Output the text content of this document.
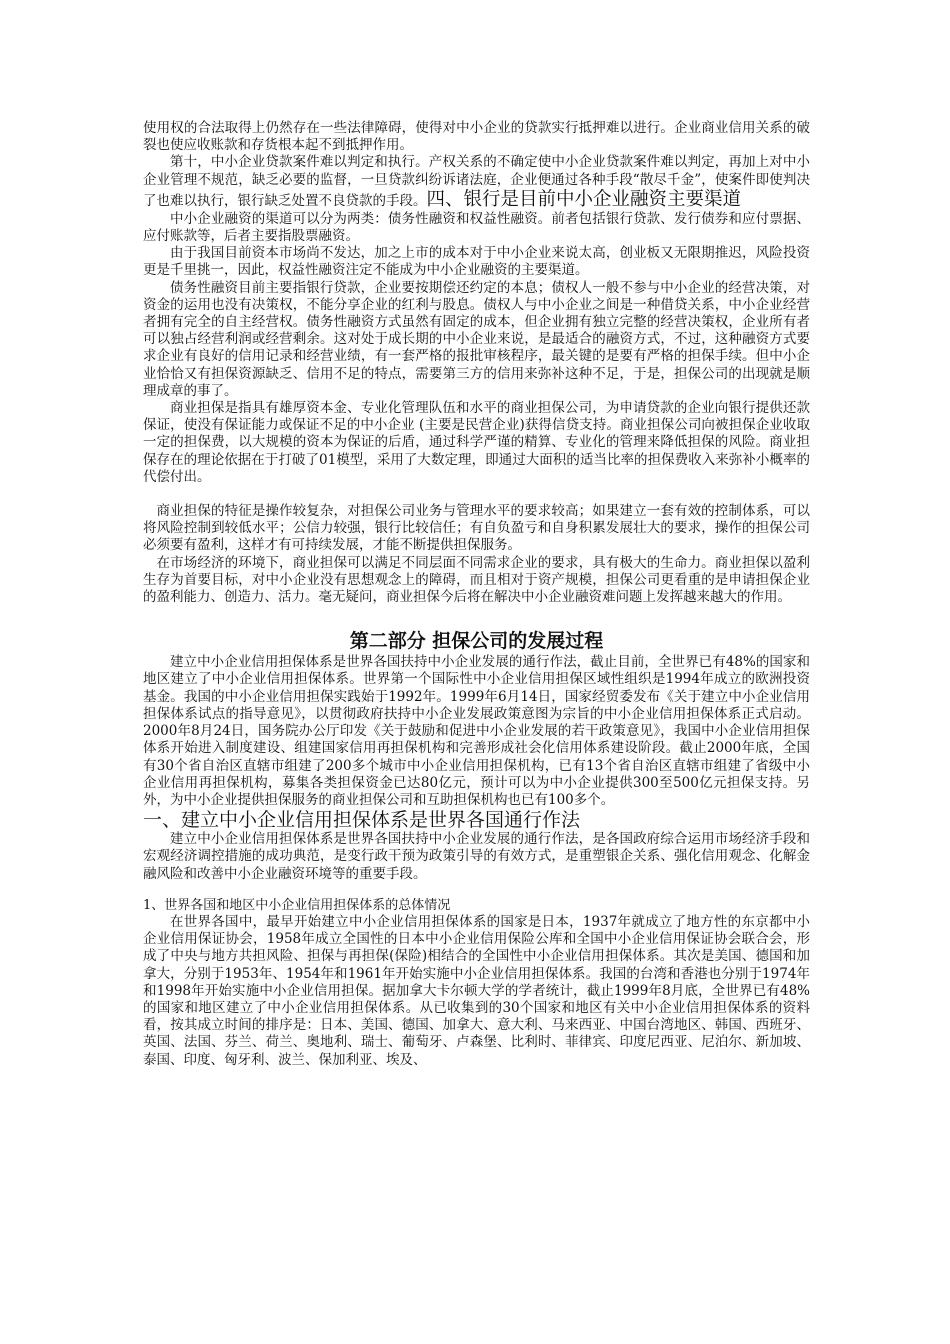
使用权的合法取得上仍然存在一些法律障碍，使得对中小企业的贷款实行抵押难以进行。企业商业信用关系的破裂也使应收账款和存货根本起不到抵押作用。

第十，中小企业贷款案件难以判定和执行。产权关系的不确定使中小企业贷款案件难以判定，再加上对中小企业管理不规范，缺乏必要的监督，一旦贷款纠纷诉诸法庭，企业便通过各种手段“散尽千金”，使案件即使判决了也难以执行，银行缺乏处置不良贷款的手段。四、银行是目前中小企业融资主要渠道

中小企业融资的渠道可以分为两类：债务性融资和权益性融资。前者包括银行贷款、发行债券和应付票据、应付账款等，后者主要指股票融资。

由于我国目前资本市场尚不发达，加之上市的成本对于中小企业来说太高，创业板又无限期推迟，风险投资更是千里挑一，因此，权益性融资注定不能成为中小企业融资的主要渠道。

债务性融资目前主要指银行贷款，企业要按期偿还约定的本息；债权人一般不参与中小企业的经营决策，对资金的运用也没有决策权，不能分享企业的红利与股息。债权人与中小企业之间是一种借贷关系，中小企业经营者拥有完全的自主经营权。债务性融资方式虽然有固定的成本，但企业拥有独立完整的经营决策权，企业所有者可以独占经营利润或经营剩余。这对处于成长期的中小企业来说，是最适合的融资方式，不过，这种融资方式要求企业有良好的信用记录和经营业绩，有一套严格的报批审核程序，最关键的是要有严格的担保手续。但中小企业恰恰又有担保资源缺乏、信用不足的特点，需要第三方的信用来弥补这种不足，于是，担保公司的出现就是顺理成章的事了。

商业担保是指具有雄厚资本金、专业化管理队伍和水平的商业担保公司，为申请贷款的企业向银行提供还款保证，使没有保证能力或保证不足的中小企业 (主要是民营企业)获得信贷支持。商业担保公司向被担保企业收取一定的担保费，以大规模的资本为保证的后盾，通过科学严谨的精算、专业化的管理来降低担保的风险。商业担保存在的理论依据在于打破了01模型，采用了大数定理，即通过大面积的适当比率的担保费收入来弥补小概率的代偿付出。

商业担保的特征是操作较复杂，对担保公司业务与管理水平的要求较高；如果建立一套有效的控制体系，可以将风险控制到较低水平；公信力较强，银行比较信任；有自负盈亏和自身积累发展壮大的要求，操作的担保公司必须要有盈利，这样才有可持续发展，才能不断提供担保服务。

在市场经济的环境下，商业担保可以满足不同层面不同需求企业的要求，具有极大的生命力。商业担保以盈利生存为首要目标，对中小企业没有思想观念上的障碍，而且相对于资产规模，担保公司更看重的是申请担保企业的盈利能力、创造力、活力。毫无疑问，商业担保今后将在解决中小企业融资难问题上发挥越来越大的作用。

第二部分 担保公司的发展过程

建立中小企业信用担保体系是世界各国扶持中小企业发展的通行作法，截止目前，全世界已有48%的国家和地区建立了中小企业信用担保体系。世界第一个国际性中小企业信用担保区域性组织是1994年成立的欧洲投资基金。我国的中小企业信用担保实践始于1992年。1999年6月14日，国家经贸委发布《关于建立中小企业信用担保体系试点的指导意见》，以贯彻政府扶持中小企业发展政策意图为宗旨的中小企业信用担保体系正式启动。2000年8月24日，国务院办公厅印发《关于鼓励和促进中小企业发展的若干政策意见》，我国中小企业信用担保体系开始进入制度建设、组建国家信用再担保机构和完善形成社会化信用体系建设阶段。截止2000年底，全国有30个省自治区直辖市组建了200多个城市中小企业信用担保机构，已有13个省自治区直辖市组建了省级中小企业信用再担保机构，募集各类担保资金已达80亿元，预计可以为中小企业提供300至500亿元担保支持。另外，为中小企业提供担保服务的商业担保公司和互助担保机构也已有100多个。

一、建立中小企业信用担保体系是世界各国通行作法

建立中小企业信用担保体系是世界各国扶持中小企业发展的通行作法，是各国政府综合运用市场经济手段和宏观经济调控措施的成功典范，是变行政干预为政策引导的有效方式，是重塑银企关系、强化信用观念、化解金融风险和改善中小企业融资环境等的重要手段。

1、世界各国和地区中小企业信用担保体系的总体情况

在世界各国中，最早开始建立中小企业信用担保体系的国家是日本，1937年就成立了地方性的东京都中小企业信用保证协会，1958年成立全国性的日本中小企业信用保险公库和全国中小企业信用保证协会联合会，形成了中央与地方共担风险、担保与再担保(保险)相结合的全国性中小企业信用担保体系。其次是美国、德国和加拿大，分别于1953年、1954年和1961年开始实施中小企业信用担保体系。我国的台湾和香港也分别于1974年和1998年开始实施中小企业信用担保。据加拿大卡尔顿大学的学者统计，截止1999年8月底，全世界已有48%的国家和地区建立了中小企业信用担保体系。从已收集到的30个国家和地区有关中小企业信用担保体系的资料看，按其成立时间的排序是：日本、美国、德国、加拿大、意大利、马来西亚、中国台湾地区、韩国、西班牙、英国、法国、芬兰、荷兰、奥地利、瑞士、葡萄牙、卢森堡、比利时、菲律宾、印度尼西亚、尼泊尔、新加坡、泰国、印度、匈牙利、波兰、保加利亚、埃及、
